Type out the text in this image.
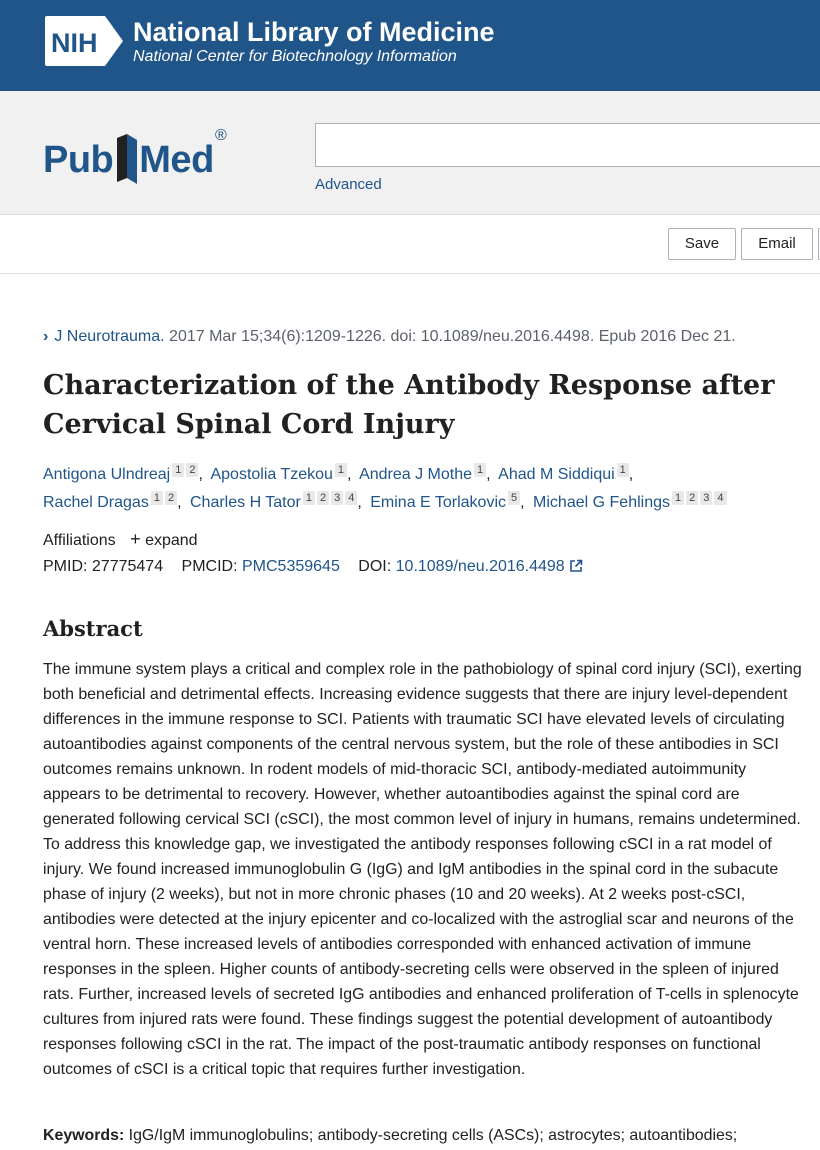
NIH National Library of Medicine
National Center for Biotechnology Information
Pub Med
®
Advanced
Save	Email
› J Neurotrauma. 2017 Mar 15;34(6):1209-1226. doi: 10.1089/neu.2016.4498. Epub 2016 Dec 21.
Characterization of the Antibody Response after Cervical Spinal Cord Injury
Antigona Ulndreaj 1 2 , Apostolia Tzekou 1 , Andrea J Mothe 1 , Ahad M Siddiqui 1 ,
Rachel Dragas 1 2 , Charles H Tator 1 2 3 4 , Emina E Torlakovic 5 , Michael G Fehlings 1 2 3 4
Affiliations + expand
PMID: 27775474 PMCID: PMC5359645 DOI: 10.1089/neu.2016.4498
Abstract

The immune system plays a critical and complex role in the pathobiology of spinal cord injury (SCI), exerting both beneficial and detrimental effects. Increasing evidence suggests that there are injury level-dependent differences in the immune response to SCI. Patients with traumatic SCI have elevated levels of circulating autoantibodies against components of the central nervous system, but the role of these antibodies in SCI outcomes remains unknown. In rodent models of mid-thoracic SCI, antibody-mediated autoimmunity appears to be detrimental to recovery. However, whether autoantibodies against the spinal cord are generated following cervical SCI (cSCI), the most common level of injury in humans, remains undetermined. To address this knowledge gap, we investigated the antibody responses following cSCI in a rat model of injury. We found increased immunoglobulin G (IgG) and IgM antibodies in the spinal cord in the subacute phase of injury (2 weeks), but not in more chronic phases (10 and 20 weeks). At 2 weeks post-cSCI, antibodies were detected at the injury epicenter and co-localized with the astroglial scar and neurons of the ventral horn. These increased levels of antibodies corresponded with enhanced activation of immune responses in the spleen. Higher counts of antibody-secreting cells were observed in the spleen of injured rats. Further, increased levels of secreted IgG antibodies and enhanced proliferation of T-cells in splenocyte cultures from injured rats were found. These findings suggest the potential development of autoantibody responses following cSCI in the rat. The impact of the post-traumatic antibody responses on functional outcomes of cSCI is a critical topic that requires further investigation.

Keywords: IgG/IgM immunoglobulins; antibody-secreting cells (ASCs); astrocytes; autoantibodies;
